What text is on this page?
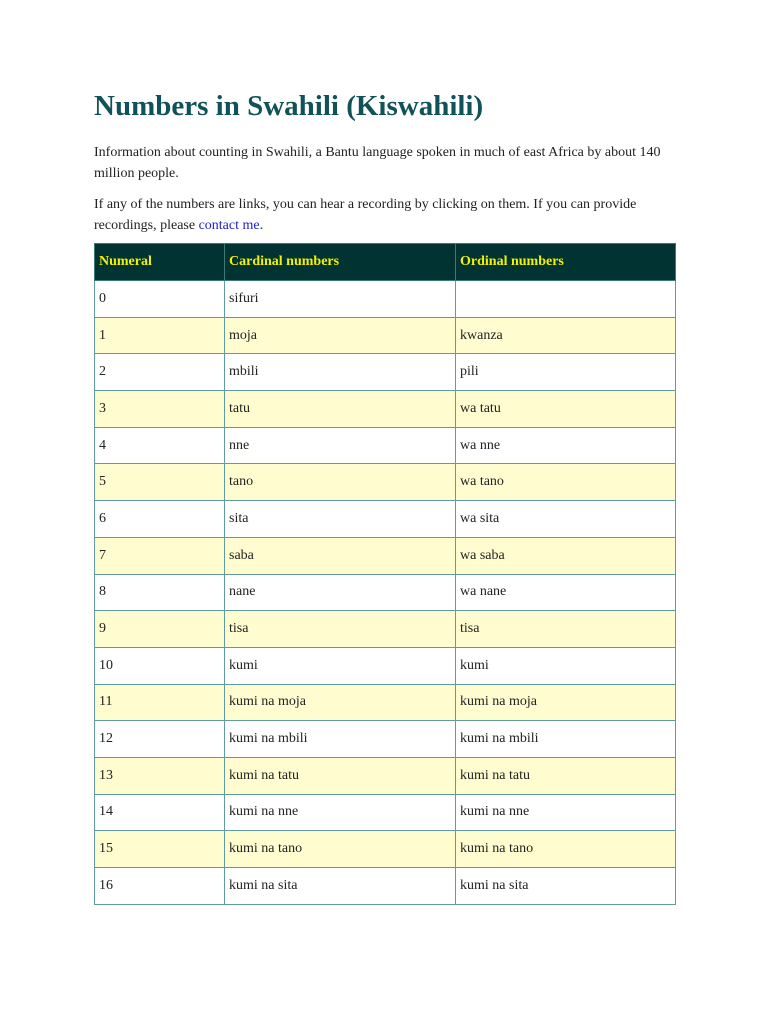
Numbers in Swahili (Kiswahili)

Information about counting in Swahili, a Bantu language spoken in much of east Africa by about 140 million people.

If any of the numbers are links, you can hear a recording by clicking on them. If you can provide recordings, please contact me.

Numeral	Cardinal numbers	Ordinal numbers
0	sifuri	
1	moja	kwanza
2	mbili	pili
3	tatu	wa tatu
4	nne	wa nne
5	tano	wa tano
6	sita	wa sita
7	saba	wa saba
8	nane	wa nane
9	tisa	tisa
10	kumi	kumi
11	kumi na moja	kumi na moja
12	kumi na mbili	kumi na mbili
13	kumi na tatu	kumi na tatu
14	kumi na nne	kumi na nne
15	kumi na tano	kumi na tano
16	kumi na sita	kumi na sita
